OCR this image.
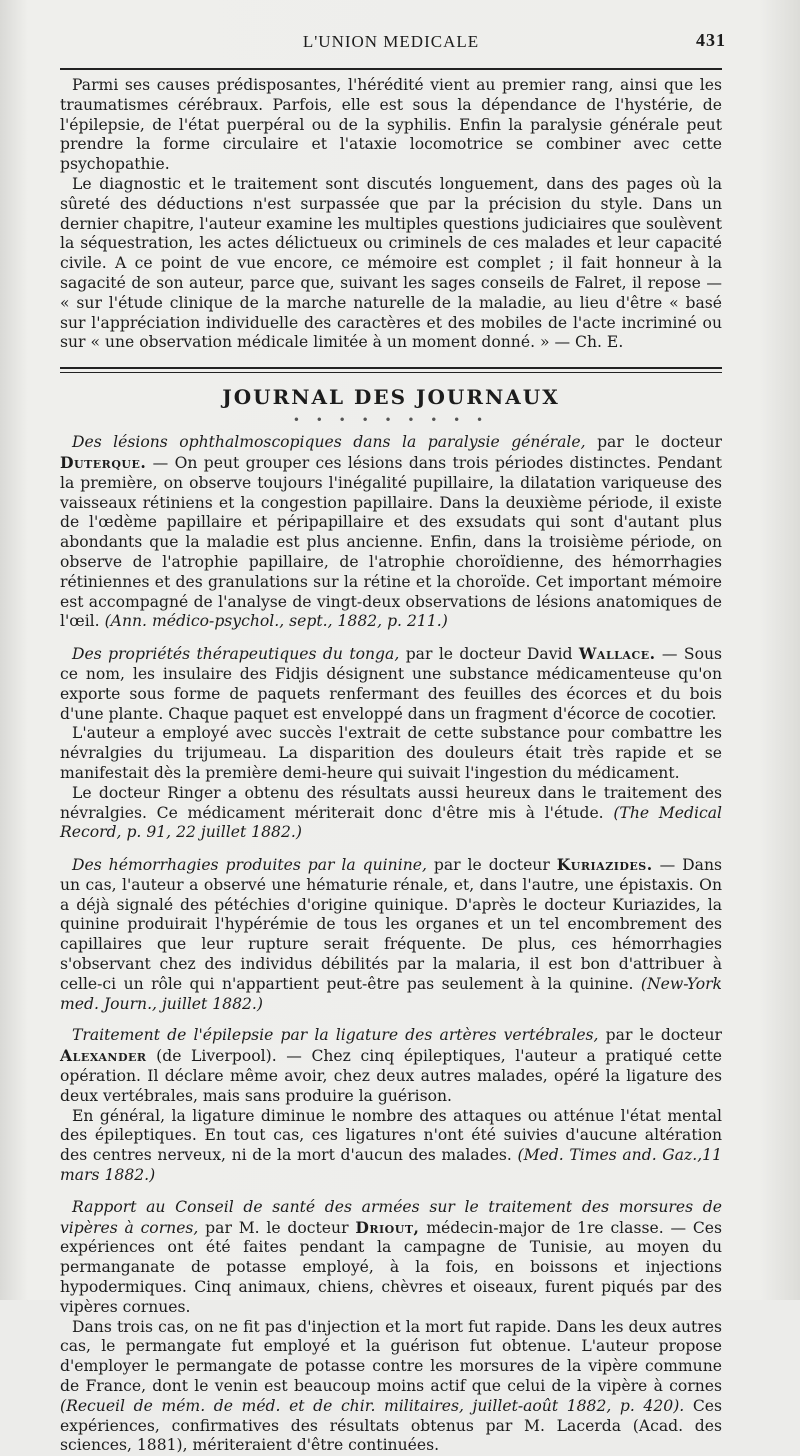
L'UNION MEDICALE	431

Parmi ses causes prédisposantes, l'hérédité vient au premier rang, ainsi que les traumatismes cérébraux. Parfois, elle est sous la dépendance de l'hystérie, de l'épilepsie, de l'état puerpéral ou de la syphilis. Enfin la paralysie générale peut prendre la forme circulaire et l'ataxie locomotrice se combiner avec cette psychopathie.

Le diagnostic et le traitement sont discutés longuement, dans des pages où la sûreté des déductions n'est surpassée que par la précision du style. Dans un dernier chapitre, l'auteur examine les multiples questions judiciaires que soulèvent la séquestration, les actes délictueux ou criminels de ces malades et leur capacité civile. A ce point de vue encore, ce mémoire est complet ; il fait honneur à la sagacité de son auteur, parce que, suivant les sages conseils de Falret, il repose — « sur l'étude clinique de la marche naturelle de la maladie, au lieu d'être « basé sur l'appréciation individuelle des caractères et des mobiles de l'acte incriminé ou sur « une observation médicale limitée à un moment donné. » — Ch. E.

JOURNAL DES JOURNAUX
• • • • • • • • •

Des lésions ophthalmoscopiques dans la paralysie générale, par le docteur Duterque. — On peut grouper ces lésions dans trois périodes distinctes. Pendant la première, on observe toujours l'inégalité pupillaire, la dilatation variqueuse des vaisseaux rétiniens et la congestion papillaire. Dans la deuxième période, il existe de l'œdème papillaire et péripapillaire et des exsudats qui sont d'autant plus abondants que la maladie est plus ancienne. Enfin, dans la troisième période, on observe de l'atrophie papillaire, de l'atrophie choroïdienne, des hémorrhagies rétiniennes et des granulations sur la rétine et la choroïde. Cet important mémoire est accompagné de l'analyse de vingt-deux observations de lésions anatomiques de l'œil. (Ann. médico-psychol., sept., 1882, p. 211.)

Des propriétés thérapeutiques du tonga, par le docteur David Wallace. — Sous ce nom, les insulaire des Fidjis désignent une substance médicamenteuse qu'on exporte sous forme de paquets renfermant des feuilles des écorces et du bois d'une plante. Chaque paquet est enveloppé dans un fragment d'écorce de cocotier.

L'auteur a employé avec succès l'extrait de cette substance pour combattre les névralgies du trijumeau. La disparition des douleurs était très rapide et se manifestait dès la première demi-heure qui suivait l'ingestion du médicament.

Le docteur Ringer a obtenu des résultats aussi heureux dans le traitement des névralgies. Ce médicament mériterait donc d'être mis à l'étude. (The Medical Record, p. 91, 22 juillet 1882.)

Des hémorrhagies produites par la quinine, par le docteur Kuriazides. — Dans un cas, l'auteur a observé une hématurie rénale, et, dans l'autre, une épistaxis. On a déjà signalé des pétéchies d'origine quinique. D'après le docteur Kuriazides, la quinine produirait l'hypérémie de tous les organes et un tel encombrement des capillaires que leur rupture serait fréquente. De plus, ces hémorrhagies s'observant chez des individus débilités par la malaria, il est bon d'attribuer à celle-ci un rôle qui n'appartient peut-être pas seulement à la quinine. (New-York med. Journ., juillet 1882.)

Traitement de l'épilepsie par la ligature des artères vertébrales, par le docteur Alexander (de Liverpool). — Chez cinq épileptiques, l'auteur a pratiqué cette opération. Il déclare même avoir, chez deux autres malades, opéré la ligature des deux vertébrales, mais sans produire la guérison.

En général, la ligature diminue le nombre des attaques ou atténue l'état mental des épileptiques. En tout cas, ces ligatures n'ont été suivies d'aucune altération des centres nerveux, ni de la mort d'aucun des malades. (Med. Times and. Gaz.,11 mars 1882.)

Rapport au Conseil de santé des armées sur le traitement des morsures de vipères à cornes, par M. le docteur Driout, médecin-major de 1re classe. — Ces expériences ont été faites pendant la campagne de Tunisie, au moyen du permanganate de potasse employé, à la fois, en boissons et injections hypodermiques. Cinq animaux, chiens, chèvres et oiseaux, furent piqués par des vipères cornues.

Dans trois cas, on ne fit pas d'injection et la mort fut rapide. Dans les deux autres cas, le permangate fut employé et la guérison fut obtenue. L'auteur propose d'employer le permangate de potasse contre les morsures de la vipère commune de France, dont le venin est beaucoup moins actif que celui de la vipère à cornes (Recueil de mém. de méd. et de chir. militaires, juillet-août 1882, p. 420). Ces expériences, confirmatives des résultats obtenus par M. Lacerda (Acad. des sciences, 1881), mériteraient d'être continuées.
